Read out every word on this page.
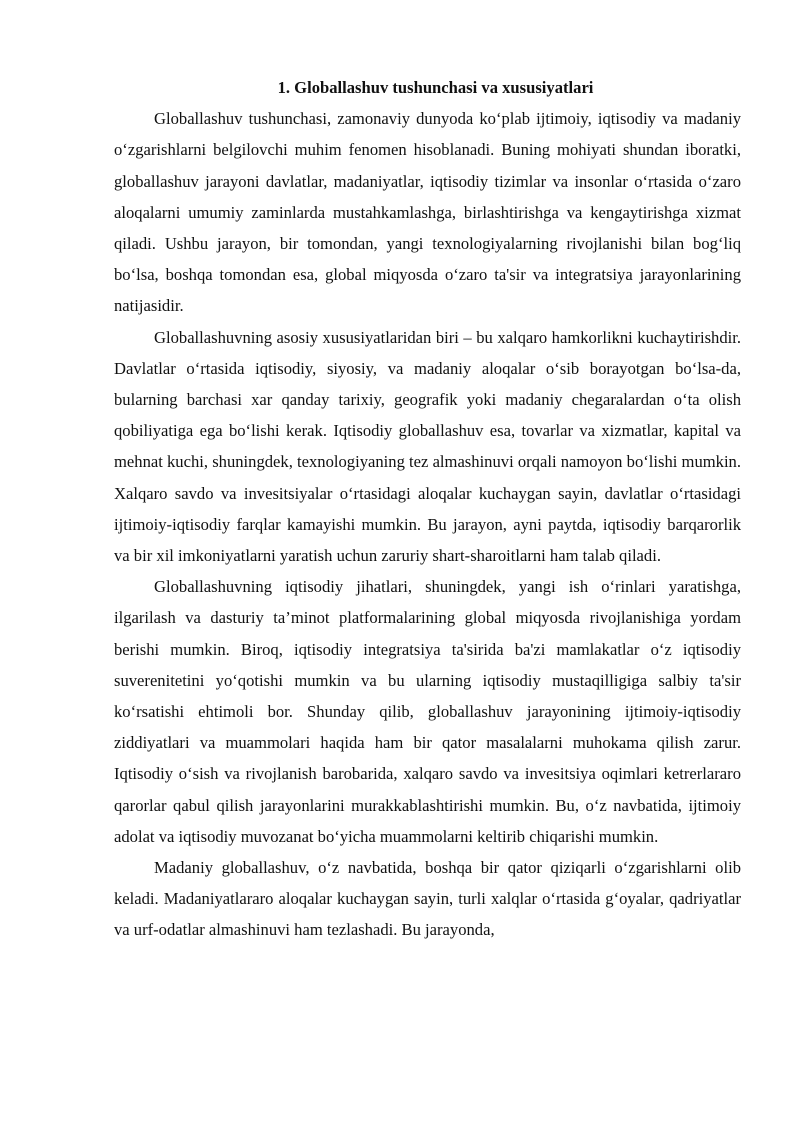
1. Globallashuv tushunchasi va xususiyatlari

Globallashuv tushunchasi, zamonaviy dunyoda ko‘plab ijtimoiy, iqtisodiy va madaniy o‘zgarishlarni belgilovchi muhim fenomen hisoblanadi. Buning mohiyati shundan iboratki, globallashuv jarayoni davlatlar, madaniyatlar, iqtisodiy tizimlar va insonlar o‘rtasida o‘zaro aloqalarni umumiy zaminlarda mustahkamlashga, birlashtirishga va kengaytirishga xizmat qiladi. Ushbu jarayon, bir tomondan, yangi texnologiyalarning rivojlanishi bilan bog‘liq bo‘lsa, boshqa tomondan esa, global miqyosda o‘zaro ta'sir va integratsiya jarayonlarining natijasidir.

Globallashuvning asosiy xususiyatlaridan biri – bu xalqaro hamkorlikni kuchaytirishdir. Davlatlar o‘rtasida iqtisodiy, siyosiy, va madaniy aloqalar o‘sib borayotgan bo‘lsa-da, bularning barchasi xar qanday tarixiy, geografik yoki madaniy chegaralardan o‘ta olish qobiliyatiga ega bo‘lishi kerak. Iqtisodiy globallashuv esa, tovarlar va xizmatlar, kapital va mehnat kuchi, shuningdek, texnologiyaning tez almashinuvi orqali namoyon bo‘lishi mumkin. Xalqaro savdo va invesitsiyalar o‘rtasidagi aloqalar kuchaygan sayin, davlatlar o‘rtasidagi ijtimoiy-iqtisodiy farqlar kamayishi mumkin. Bu jarayon, ayni paytda, iqtisodiy barqarorlik va bir xil imkoniyatlarni yaratish uchun zaruriy shart-sharoitlarni ham talab qiladi.

Globallashuvning iqtisodiy jihatlari, shuningdek, yangi ish o‘rinlari yaratishga, ilgarilash va dasturiy ta’minot platformalarining global miqyosda rivojlanishiga yordam berishi mumkin. Biroq, iqtisodiy integratsiya ta'sirida ba'zi mamlakatlar o‘z iqtisodiy suverenitetini yo‘qotishi mumkin va bu ularning iqtisodiy mustaqilligiga salbiy ta'sir ko‘rsatishi ehtimoli bor. Shunday qilib, globallashuv jarayonining ijtimoiy-iqtisodiy ziddiyatlari va muammolari haqida ham bir qator masalalarni muhokama qilish zarur. Iqtisodiy o‘sish va rivojlanish barobarida, xalqaro savdo va invesitsiya oqimlari ketrerlararo qarorlar qabul qilish jarayonlarini murakkablashtirishi mumkin. Bu, o‘z navbatida, ijtimoiy adolat va iqtisodiy muvozanat bo‘yicha muammolarni keltirib chiqarishi mumkin.

Madaniy globallashuv, o‘z navbatida, boshqa bir qator qiziqarli o‘zgarishlarni olib keladi. Madaniyatlararo aloqalar kuchaygan sayin, turli xalqlar o‘rtasida g‘oyalar, qadriyatlar va urf-odatlar almashinuvi ham tezlashadi. Bu jarayonda,
